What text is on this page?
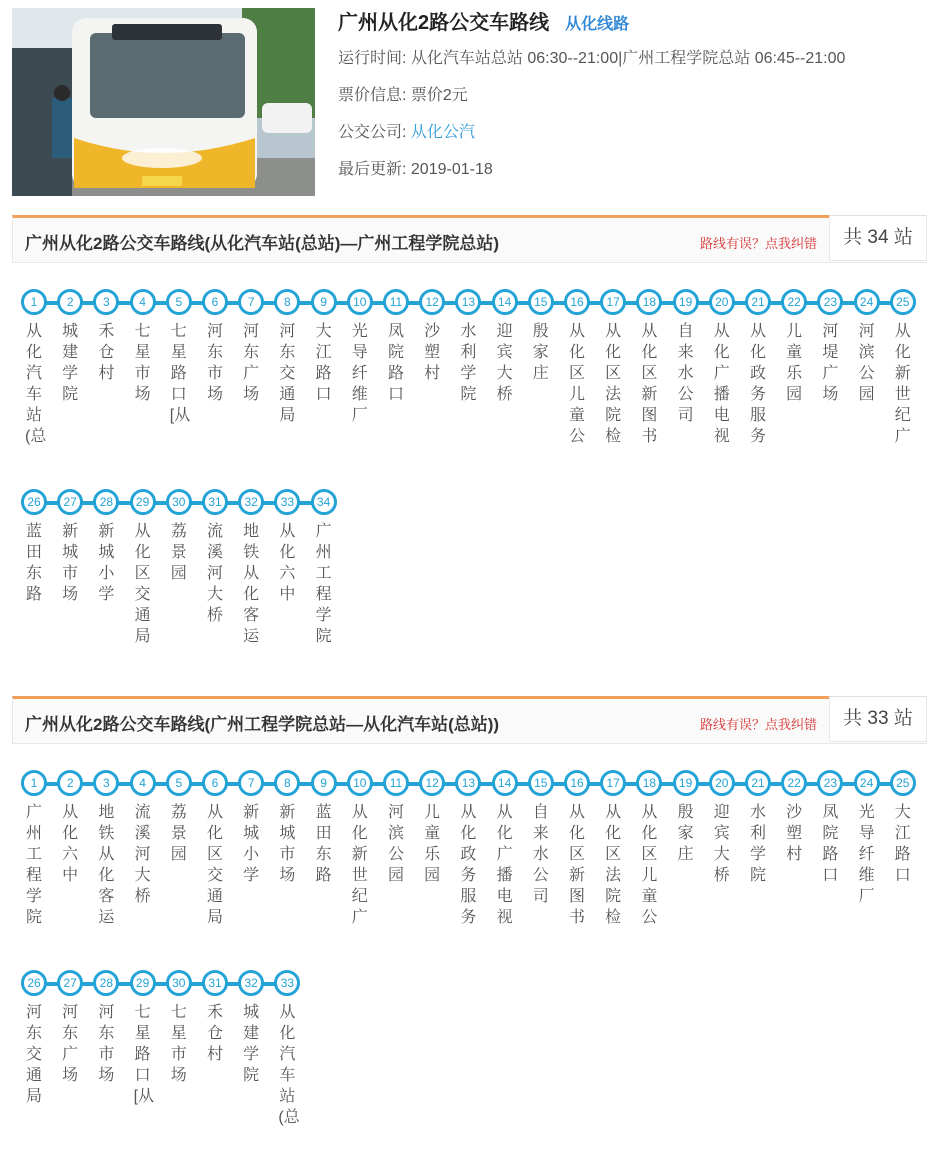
广州从化2路公交车路线 从化线路
运行时间: 从化汽车站总站 06:30--21:00|广州工程学院总站 06:45--21:00
票价信息: 票价2元
公交公司: 从化公汽
最后更新: 2019-01-18
广州从化2路公交车路线(从化汽车站(总站)—广州工程学院总站)	路线有误？点我纠错	共 34 站
1
从化汽车站(总
2
城建学院
3
禾仓村
4
七星市场
5
七星路口[从
6
河东市场
7
河东广场
8
河东交通局
9
大江路口
10
光导纤维厂
11
凤院路口
12
沙塑村
13
水利学院
14
迎宾大桥
15
殷家庄
16
从化区儿童公
17
从化区法院检
18
从化区新图书
19
自来水公司
20
从化广播电视
21
从化政务服务
22
儿童乐园
23
河堤广场
24
河滨公园
25
从化新世纪广
26
蓝田东路
27
新城市场
28
新城小学
29
从化区交通局
30
荔景园
31
流溪河大桥
32
地铁从化客运
33
从化六中
34
广州工程学院
广州从化2路公交车路线(广州工程学院总站—从化汽车站(总站))	路线有误？点我纠错	共 33 站
1
广州工程学院
2
从化六中
3
地铁从化客运
4
流溪河大桥
5
荔景园
6
从化区交通局
7
新城小学
8
新城市场
9
蓝田东路
10
从化新世纪广
11
河滨公园
12
儿童乐园
13
从化政务服务
14
从化广播电视
15
自来水公司
16
从化区新图书
17
从化区法院检
18
从化区儿童公
19
殷家庄
20
迎宾大桥
21
水利学院
22
沙塑村
23
凤院路口
24
光导纤维厂
25
大江路口
26
河东交通局
27
河东广场
28
河东市场
29
七星路口[从
30
七星市场
31
禾仓村
32
城建学院
33
从化汽车站(总
